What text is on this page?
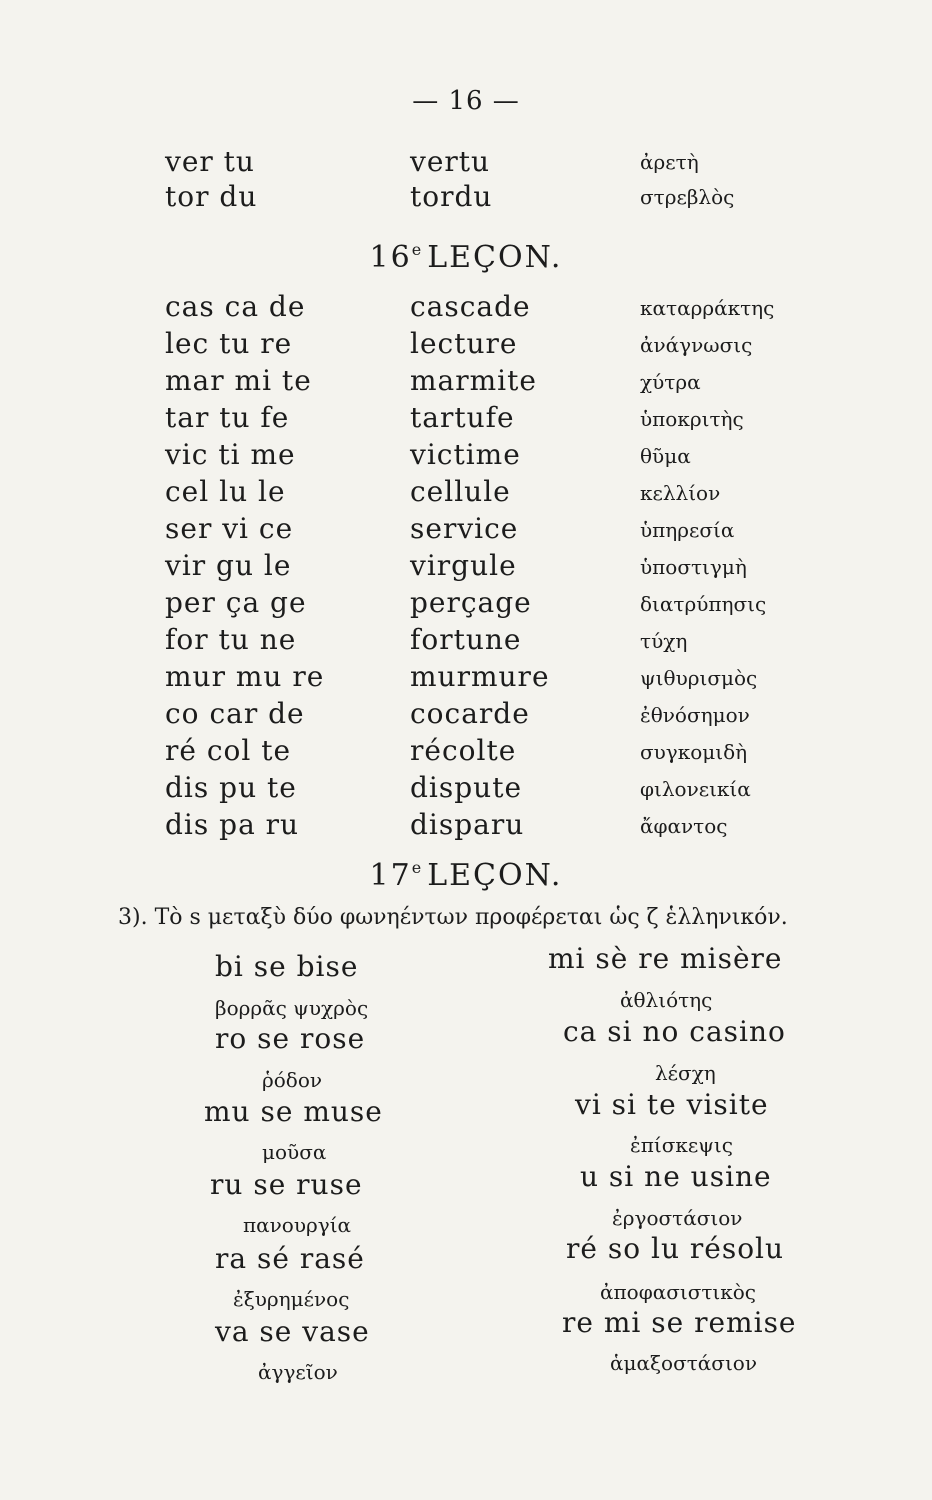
— 16 —
ver tu	vertu	ἀρετὴ
tor du	tordu	στρεβλὸς
16e LEÇON.
cas ca de	cascade	καταρράκτης
lec tu re	lecture	ἀνάγνωσις
mar mi te	marmite	χύτρα
tar tu fe	tartufe	ὑποκριτὴς
vic ti me	victime	θῦμα
cel lu le	cellule	κελλίον
ser vi ce	service	ὑπηρεσία
vir gu le	virgule	ὑποστιγμὴ
per ça ge	perçage	διατρύπησις
for tu ne	fortune	τύχη
mur mu re	murmure	ψιθυρισμὸς
co car de	cocarde	ἐθνόσημον
ré col te	récolte	συγκομιδὴ
dis pu te	dispute	φιλονεικία
dis pa ru	disparu	ἄφαντος
17e LEÇON.
3). Τὸ s μεταξὺ δύο φωνηέντων προφέρεται ὡς ζ ἑλληνικόν.
bi se bise
βορρᾶς ψυχρὸς
ro se rose
ῥόδον
mu se muse
μοῦσα
ru se ruse
πανουργία
ra sé rasé
ἐξυρημένος
va se vase
ἀγγεῖον
mi sè re misère
ἀθλιότης
ca si no casino
λέσχη
vi si te visite
ἐπίσκεψις
u si ne usine
ἐργοστάσιον
ré so lu résolu
ἀποφασιστικὸς
re mi se remise
ἁμαξοστάσιον
